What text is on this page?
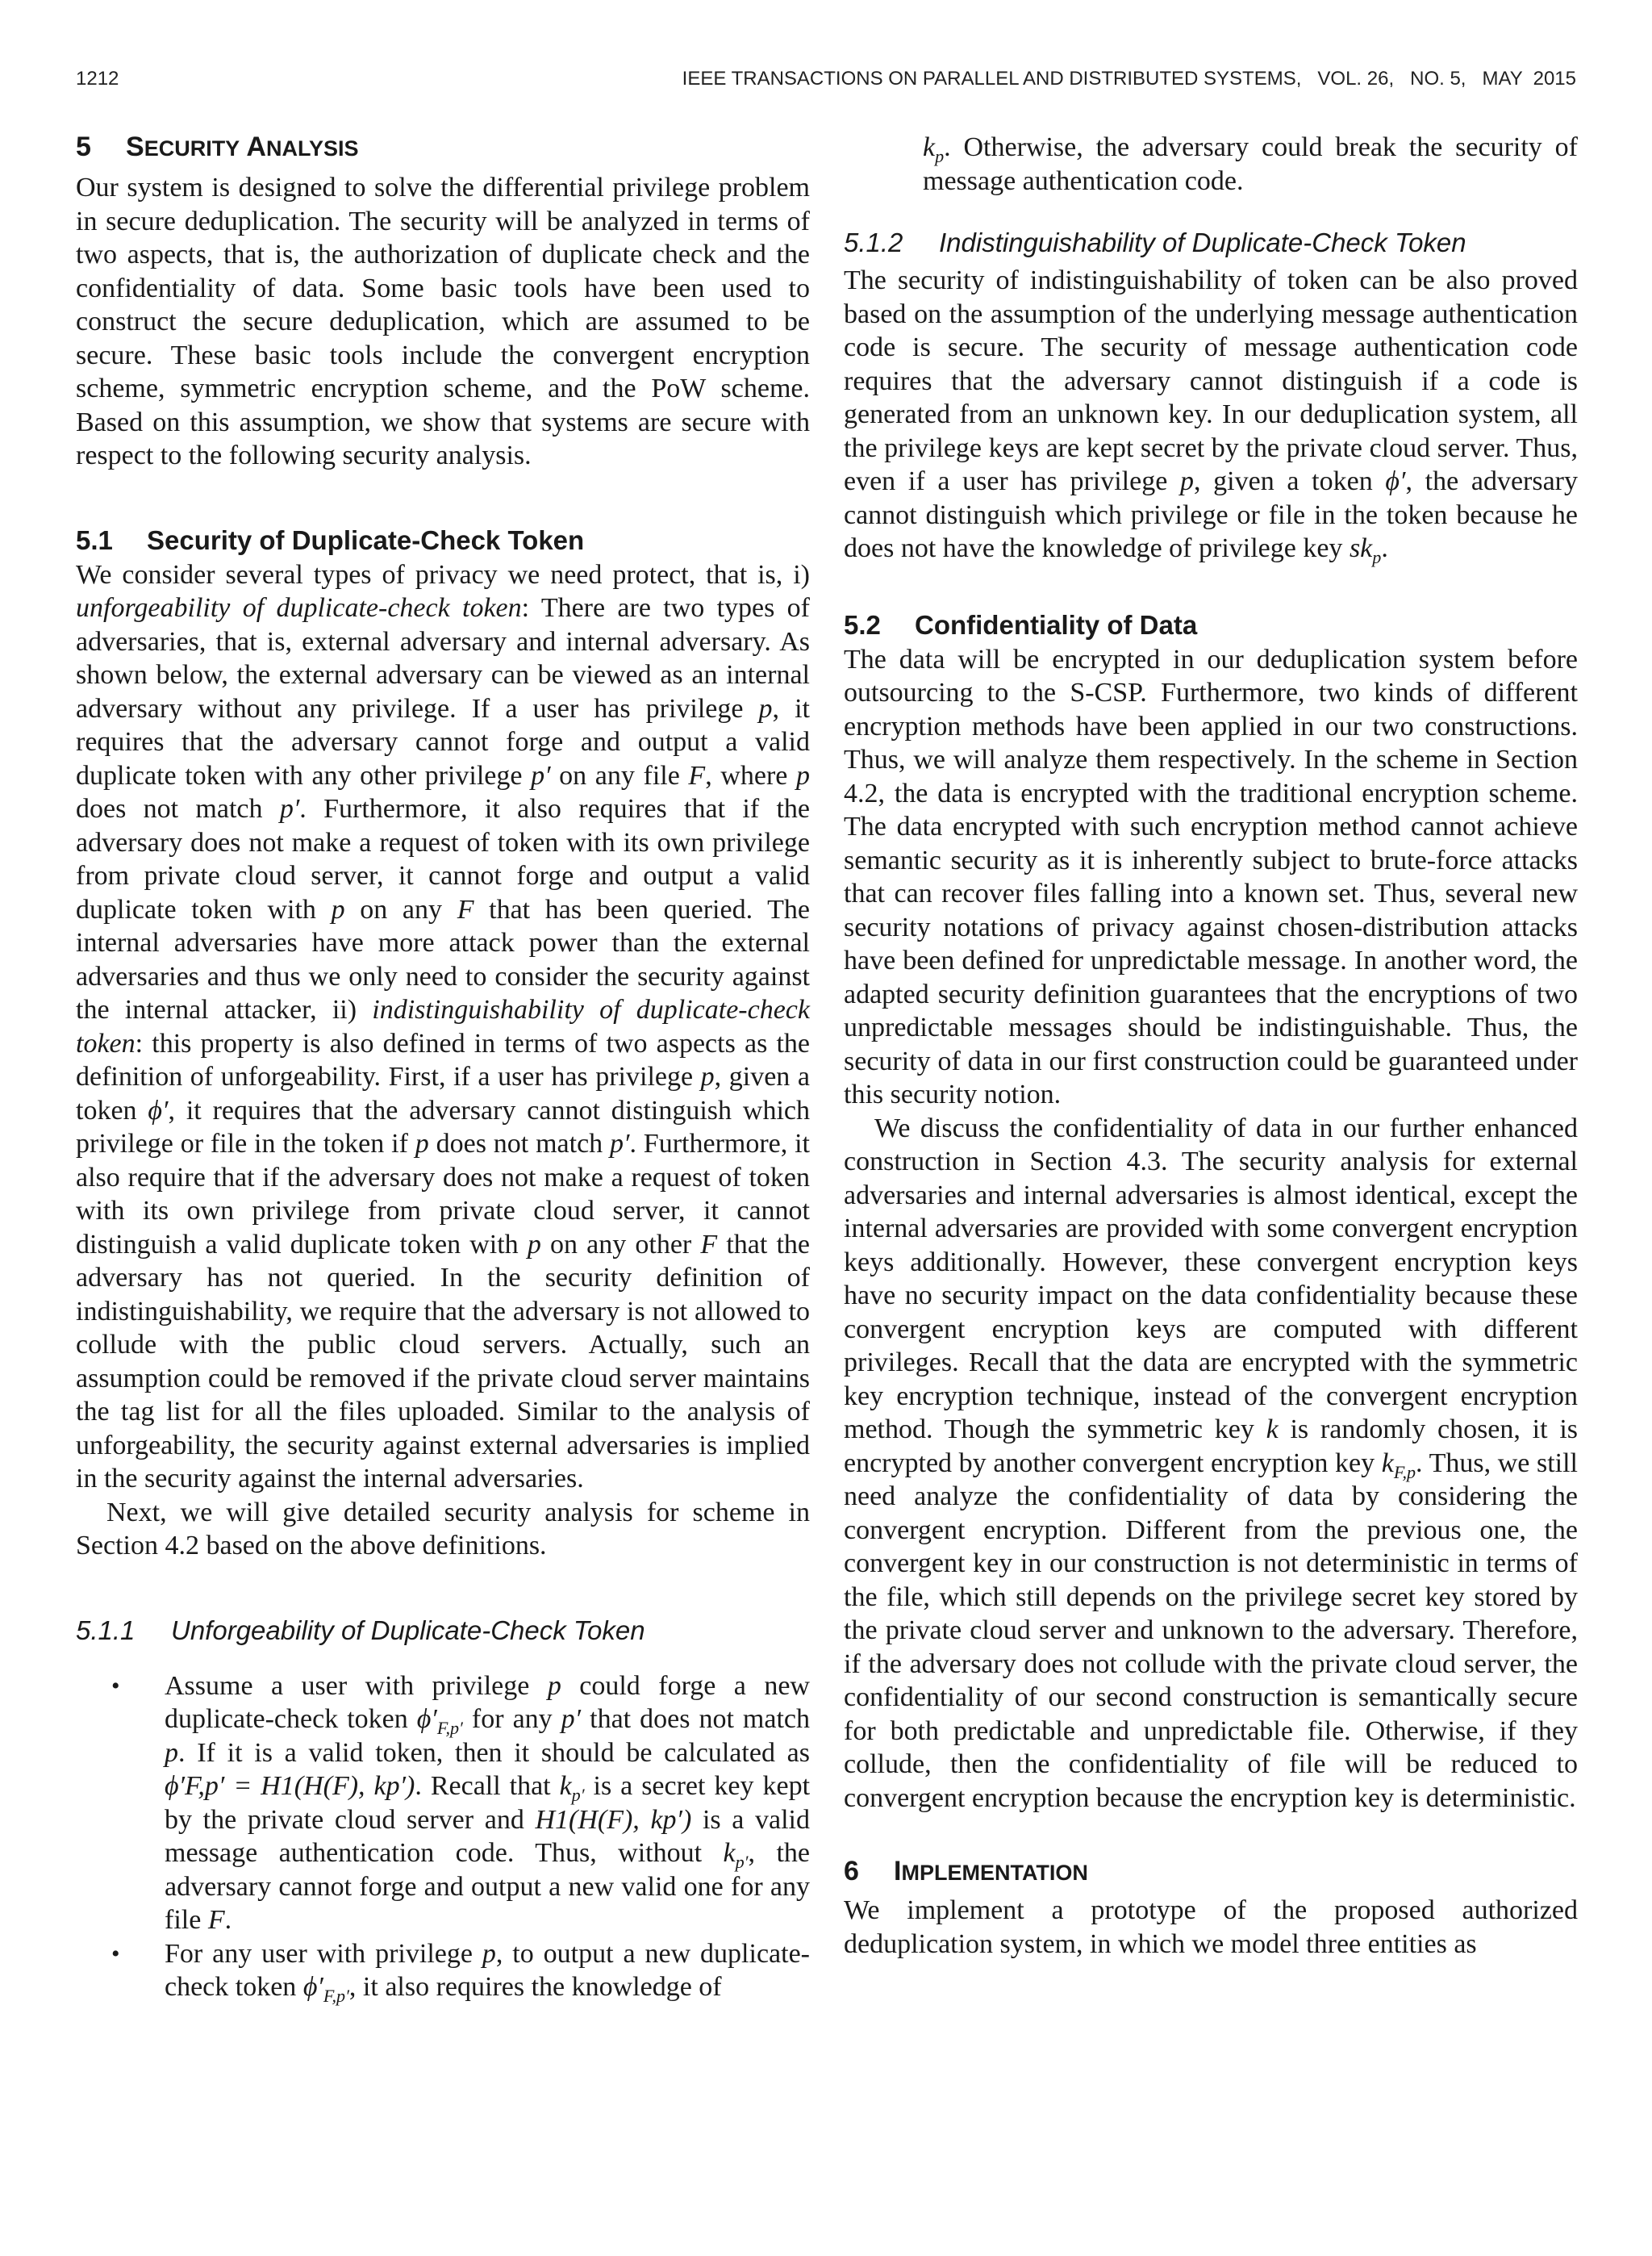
1212	IEEE TRANSACTIONS ON PARALLEL AND DISTRIBUTED SYSTEMS,   VOL. 26,   NO. 5,   MAY  2015
5 SECURITY ANALYSIS

Our system is designed to solve the differential privilege problem in secure deduplication. The security will be analyzed in terms of two aspects, that is, the authorization of duplicate check and the confidentiality of data. Some basic tools have been used to construct the secure deduplication, which are assumed to be secure. These basic tools include the convergent encryption scheme, symmetric encryption scheme, and the PoW scheme. Based on this assumption, we show that systems are secure with respect to the following security analysis.

5.1 Security of Duplicate-Check Token

We consider several types of privacy we need protect, that is, i) unforgeability of duplicate-check token: There are two types of adversaries, that is, external adversary and internal adversary. As shown below, the external adversary can be viewed as an internal adversary without any privilege. If a user has privilege p, it requires that the adversary cannot forge and output a valid duplicate token with any other privilege p′ on any file F, where p does not match p′. Furthermore, it also requires that if the adversary does not make a request of token with its own privilege from private cloud server, it cannot forge and output a valid duplicate token with p on any F that has been queried. The internal adversaries have more attack power than the external adversaries and thus we only need to consider the security against the internal attacker, ii) indistinguishability of duplicate-check token: this property is also defined in terms of two aspects as the definition of unforgeability. First, if a user has privilege p, given a token ϕ′, it requires that the adversary cannot distinguish which privilege or file in the token if p does not match p′. Furthermore, it also require that if the adversary does not make a request of token with its own privilege from private cloud server, it cannot distinguish a valid duplicate token with p on any other F that the adversary has not queried. In the security definition of indistinguishability, we require that the adversary is not allowed to collude with the public cloud servers. Actually, such an assumption could be removed if the private cloud server maintains the tag list for all the files uploaded. Similar to the analysis of unforgeability, the security against external adversaries is implied in the security against the internal adversaries.

Next, we will give detailed security analysis for scheme in Section 4.2 based on the above definitions.

5.1.1 Unforgeability of Duplicate-Check Token
• Assume a user with privilege p could forge a new duplicate-check token $\phi'_{F,p'}$ for any p′ that does not match p. If it is a valid token, then it should be calculated as ϕ′F,p′ = H1(H(F), kp′). Recall that $k_{p'}$ is a secret key kept by the private cloud server and H1(H(F), kp′) is a valid message authentication code. Thus, without $k_{p'}$, the adversary cannot forge and output a new valid one for any file F.
• For any user with privilege p, to output a new duplicate-check token $\phi'_{F,p'}$, it also requires the knowledge of
$k_p$. Otherwise, the adversary could break the security of message authentication code.
5.1.2 Indistinguishability of Duplicate-Check Token

The security of indistinguishability of token can be also proved based on the assumption of the underlying message authentication code is secure. The security of message authentication code requires that the adversary cannot distinguish if a code is generated from an unknown key. In our deduplication system, all the privilege keys are kept secret by the private cloud server. Thus, even if a user has privilege p, given a token ϕ′, the adversary cannot distinguish which privilege or file in the token because he does not have the knowledge of privilege key $sk_p$.

5.2 Confidentiality of Data

The data will be encrypted in our deduplication system before outsourcing to the S-CSP. Furthermore, two kinds of different encryption methods have been applied in our two constructions. Thus, we will analyze them respectively. In the scheme in Section 4.2, the data is encrypted with the traditional encryption scheme. The data encrypted with such encryption method cannot achieve semantic security as it is inherently subject to brute-force attacks that can recover files falling into a known set. Thus, several new security notations of privacy against chosen-distribution attacks have been defined for unpredictable message. In another word, the adapted security definition guarantees that the encryptions of two unpredictable messages should be indistinguishable. Thus, the security of data in our first construction could be guaranteed under this security notion.

We discuss the confidentiality of data in our further enhanced construction in Section 4.3. The security analysis for external adversaries and internal adversaries is almost identical, except the internal adversaries are provided with some convergent encryption keys additionally. However, these convergent encryption keys have no security impact on the data confidentiality because these convergent encryption keys are computed with different privileges. Recall that the data are encrypted with the symmetric key encryption technique, instead of the convergent encryption method. Though the symmetric key k is randomly chosen, it is encrypted by another convergent encryption key $k_{F,p}$. Thus, we still need analyze the confidentiality of data by considering the convergent encryption. Different from the previous one, the convergent key in our construction is not deterministic in terms of the file, which still depends on the privilege secret key stored by the private cloud server and unknown to the adversary. Therefore, if the adversary does not collude with the private cloud server, the confidentiality of our second construction is semantically secure for both predictable and unpredictable file. Otherwise, if they collude, then the confidentiality of file will be reduced to convergent encryption because the encryption key is deterministic.

6 IMPLEMENTATION

We implement a prototype of the proposed authorized deduplication system, in which we model three entities as
